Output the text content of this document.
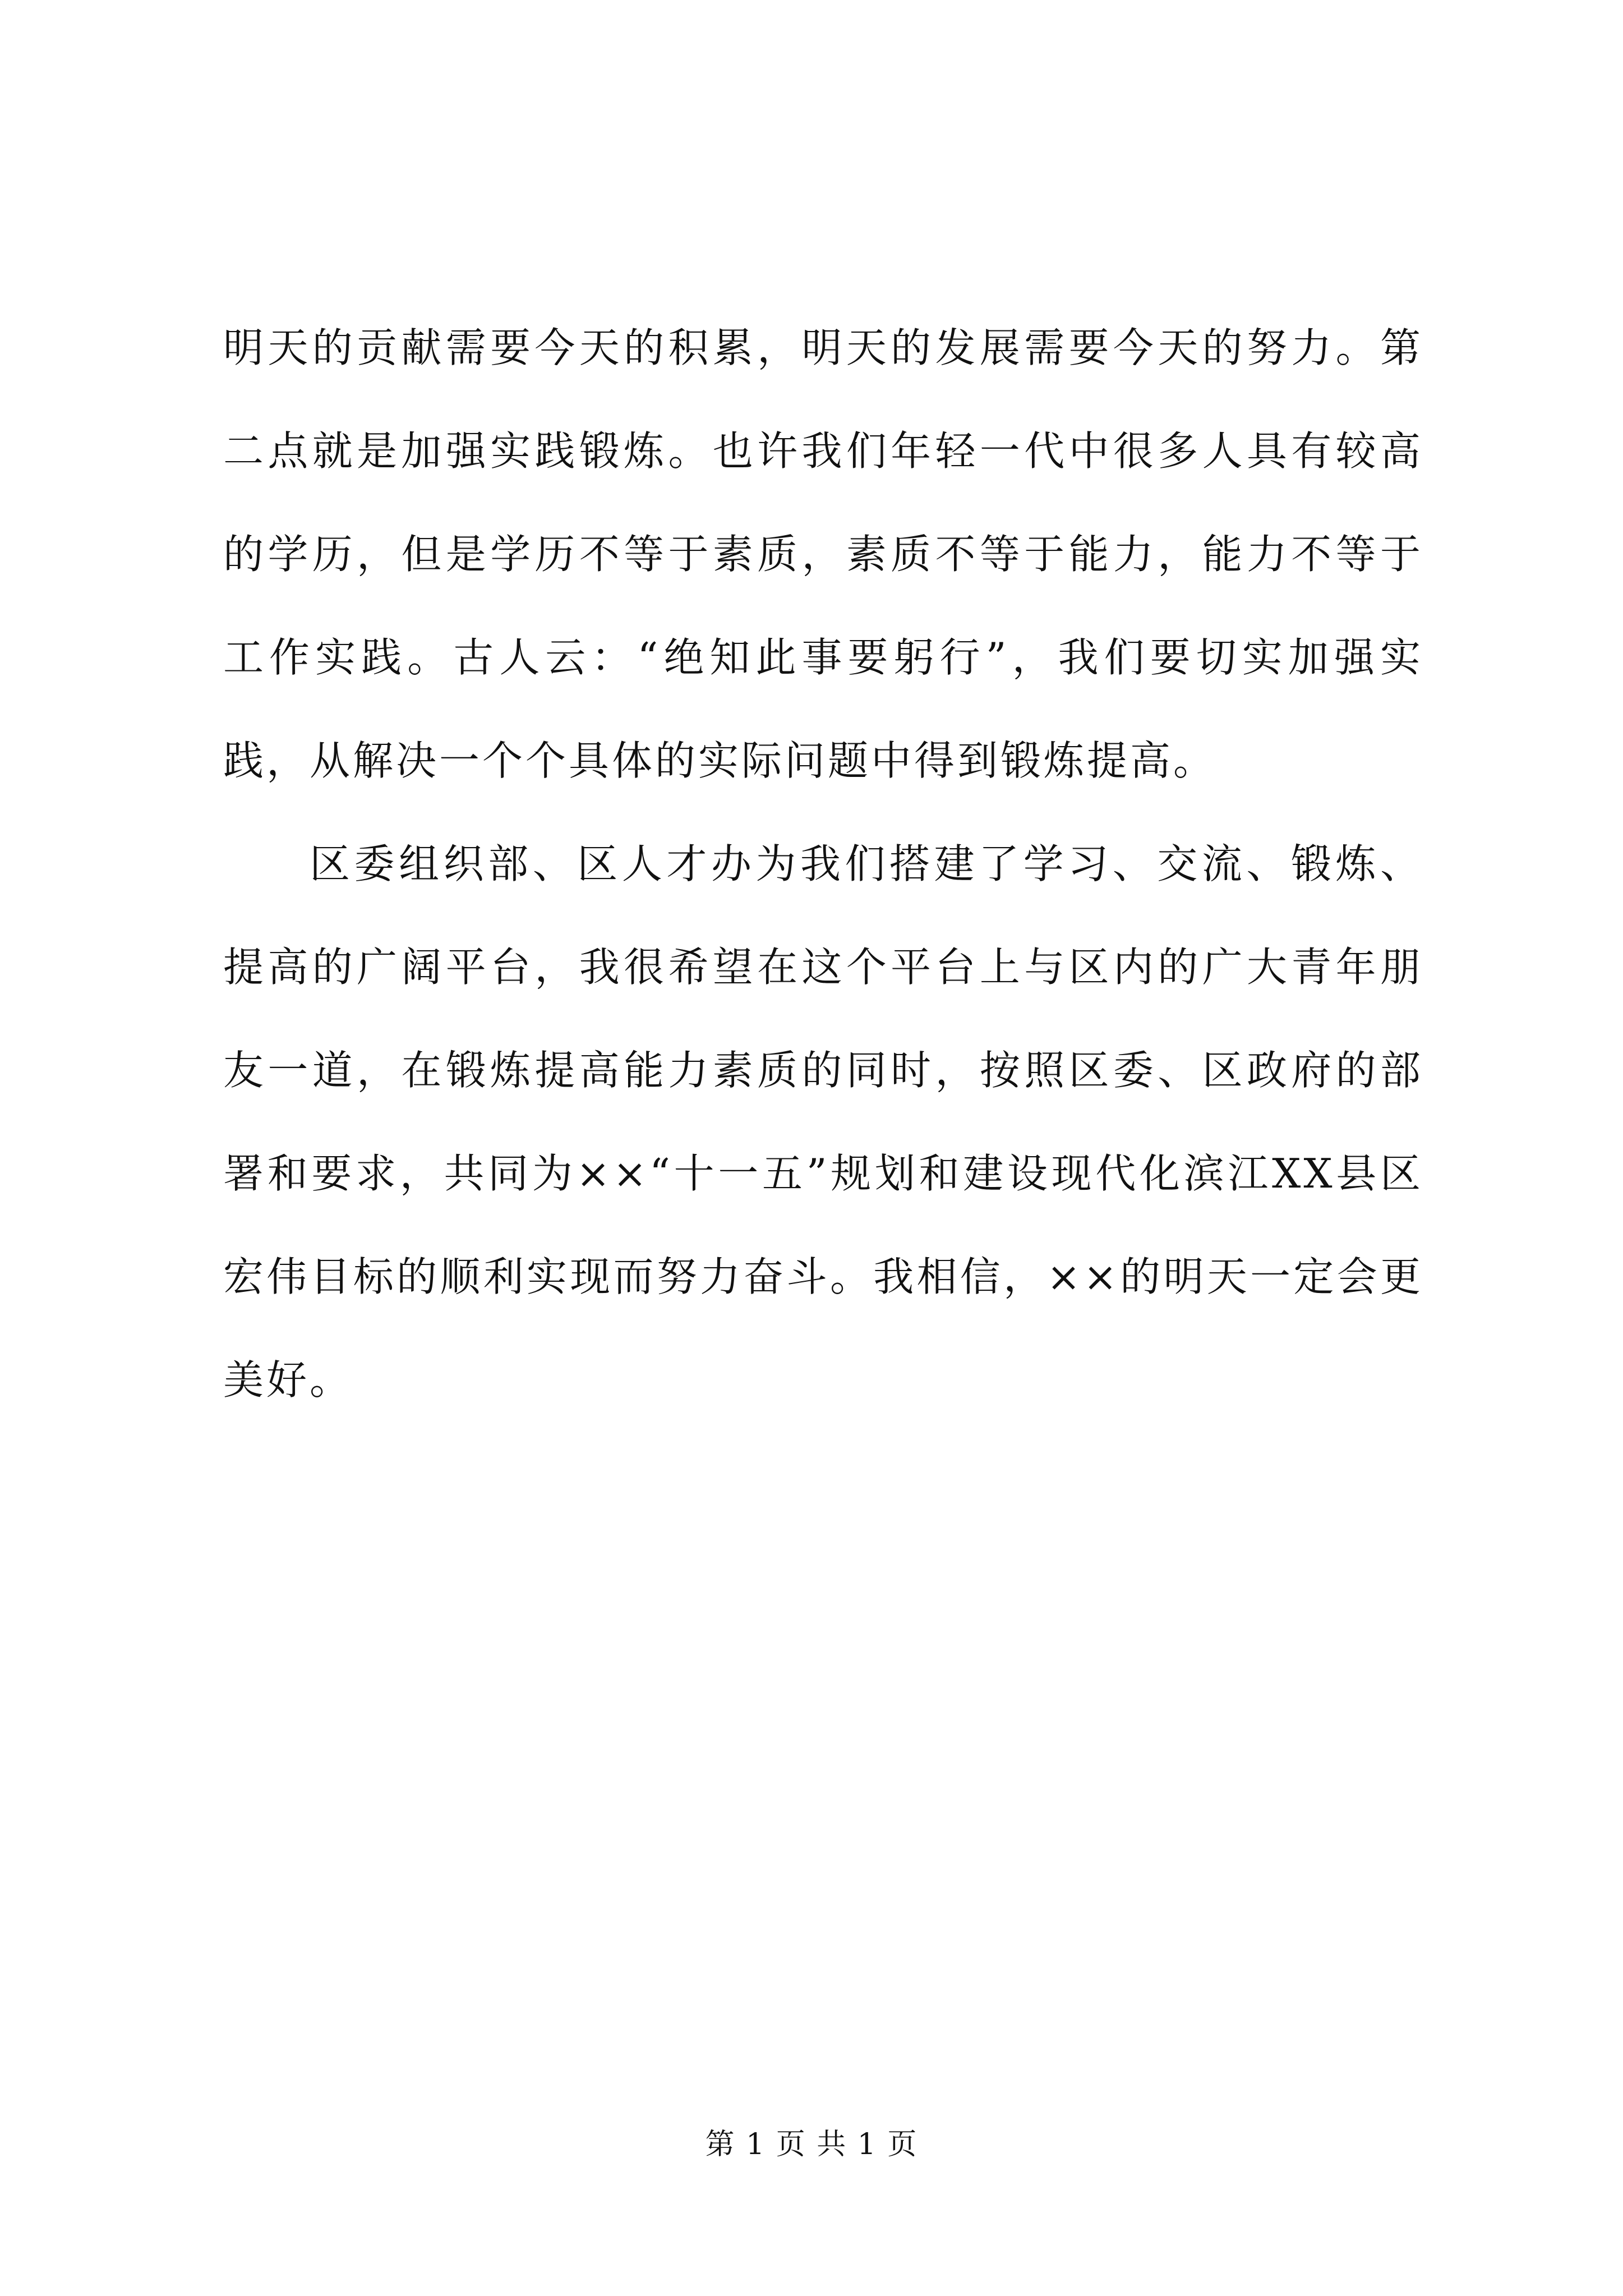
明天的贡献需要今天的积累，明天的发展需要今天的努力。第二点就是加强实践锻炼。也许我们年轻一代中很多人具有较高的学历，但是学历不等于素质，素质不等于能力，能力不等于工作实践。古人云：“绝知此事要躬行”，我们要切实加强实践，从解决一个个具体的实际问题中得到锻炼提高。

区委组织部、区人才办为我们搭建了学习、交流、锻炼、提高的广阔平台，我很希望在这个平台上与区内的广大青年朋友一道，在锻炼提高能力素质的同时，按照区委、区政府的部署和要求，共同为××“十一五”规划和建设现代化滨江XX县区宏伟目标的顺利实现而努力奋斗。我相信，××的明天一定会更美好。

第 1 页 共 1 页
